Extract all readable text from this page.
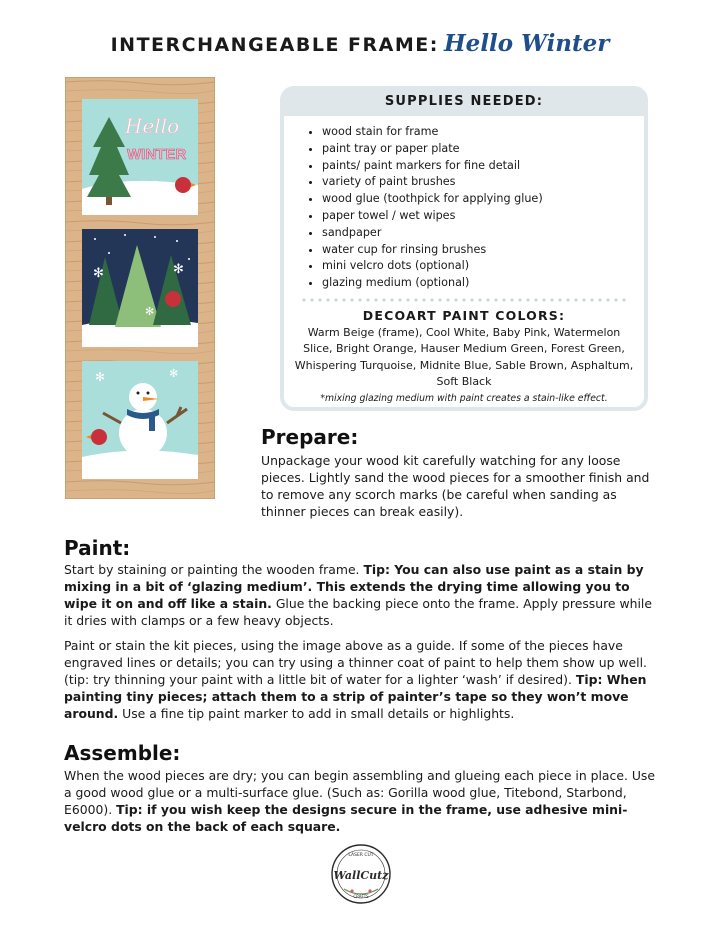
INTERCHANGEABLE FRAME: Hello Winter
Hello
WINTER
✻
✻
✻	✻
✻
✻	✻
SUPPLIES NEEDED:
• wood stain for frame
• paint tray or paper plate
• paints/ paint markers for fine detail
• variety of paint brushes
• wood glue (toothpick for applying glue)
• paper towel / wet wipes
• sandpaper
• water cup for rinsing brushes
• mini velcro dots (optional)
• glazing medium (optional)
DECOART PAINT COLORS:
Warm Beige (frame), Cool White, Baby Pink, Watermelon Slice, Bright Orange, Hauser Medium Green, Forest Green, Whispering Turquoise, Midnite Blue, Sable Brown, Asphaltum, Soft Black
*mixing glazing medium with paint creates a stain-like effect.
Prepare:
Unpackage your wood kit carefully watching for any loose pieces. Lightly sand the wood pieces for a smoother finish and to remove any scorch marks (be careful when sanding as thinner pieces can break easily).
Paint:
Start by staining or painting the wooden frame. Tip: You can also use paint as a stain by mixing in a bit of ‘glazing medium’. This extends the drying time allowing you to wipe it on and off like a stain. Glue the backing piece onto the frame. Apply pressure while it dries with clamps or a few heavy objects.
Paint or stain the kit pieces, using the image above as a guide. If some of the pieces have engraved lines or details; you can try using a thinner coat of paint to help them show up well. (tip: try thinning your paint with a little bit of water for a lighter ‘wash’ if desired). Tip: When painting tiny pieces; attach them to a strip of painter’s tape so they won’t move around. Use a fine tip paint marker to add in small details or highlights.
Assemble:
When the wood pieces are dry; you can begin assembling and glueing each piece in place. Use a good wood glue or a multi-surface glue. (Such as: Gorilla wood glue, Titebond, Starbond, E6000). Tip: if you wish keep the designs secure in the frame, use adhesive mini-velcro dots on the back of each square.
LASER CUT
WallCutz
CRAFTS
